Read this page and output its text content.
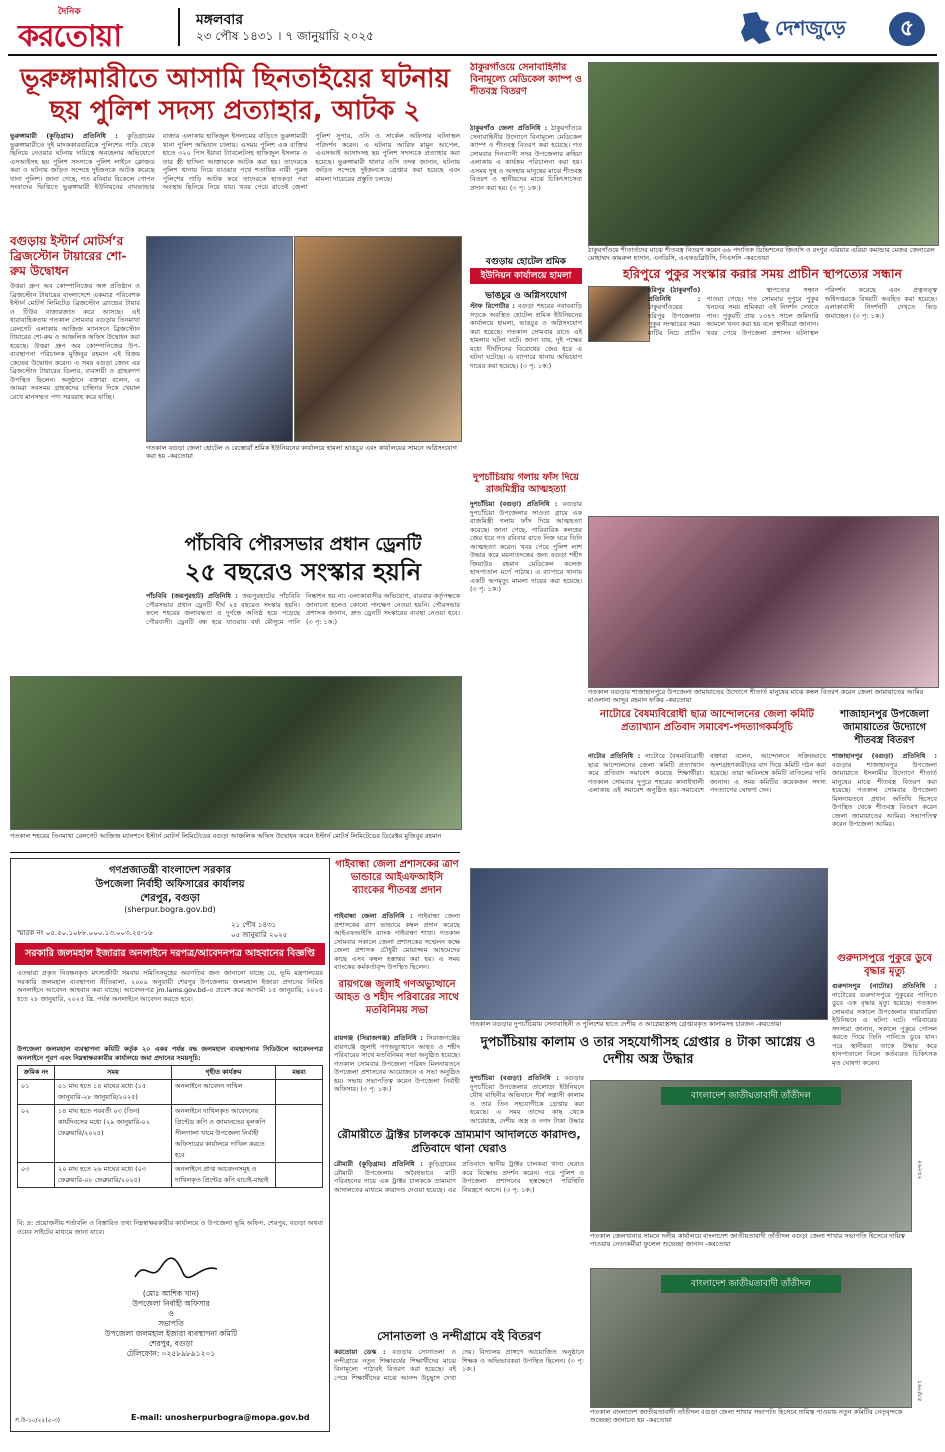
দৈনিক
করতোয়া	মঙ্গলবার
২৩ পৌষ ১৪৩১ । ৭ জানুয়ারি ২০২৫	দেশজুড়ে	৫
ভূরুঙ্গামারীতে আসামি ছিনতাইয়ের ঘটনায়
ছয় পুলিশ সদস্য প্রত্যাহার, আটক ২
ভুরুঙ্গামারী (কুড়িগ্রাম) প্রতিনিধি : কুড়িগ্রামের ভুরুঙ্গামারীতে দুই মাদককারবারিকে পুলিশের গাড়ি থেকে ছিনিয়ে নেওয়ার ঘটনায় দায়িত্বে অবহেলার অভিযোগে এসআইসহ ছয় পুলিশ সদস্যকে পুলিশ লাইনে ক্লোজড করা ও ঘটনায় জড়িত সন্দেহে দুইজনকে আটক করেছে থানা পুলিশ। জানা গেছে, গত রবিবার বিকেলে গোপন সংবাদের ভিত্তিতে ভুরুঙ্গামারী ইউনিয়নের বাঘভান্ডার বাজার এলাকায় হাফিজুল ইসলামের বাড়িতে ভুরুঙ্গামারী থানা পুলিশ অভিযান চালায়। এসময় পুলিশ এক ব্যক্তির হাতে ৩২০ পিস ইয়াবা ট্যাবলেটসহ হাফিজুল ইসলাম ও তার স্ত্রী হাসিনা আক্তারকে আটক করা হয়। তাদেরকে পুলিশ থানায় নিয়ে যাওয়ার পথে শতাধিক নারী পুরুষ পুলিশের গাড়ি আটক করে তাদেরকে হাতকড়া পরা অবস্থায় ছিনিয়ে নিয়ে যায়। খবর পেয়ে রাতেই জেলা পুলিশ সুপার, ওসি ও সার্কেল অফিসার ঘটনাস্থল পরিদর্শন করেন। এ ঘটনায় আরিফ মামুন আপেল, এএসআই আসাদসহ ছয় পুলিশ সদস্যকে প্রত্যাহার করা হয়েছে। ভুরুঙ্গামারী থানার ওসি তদন্ত জানান, ঘটনায় জড়িত সন্দেহে দুইজনকে গ্রেপ্তার করা হয়েছে এবং মামলা দায়েরের প্রস্তুতি চলছে।
বগুড়ায় ইস্টার্ন মোটর্স’র ব্রিজস্টোন টায়ারের শো-রুম উদ্বোধন
উত্তরা গ্রুপ অব কোম্পানিজের অঙ্গ প্রতিষ্ঠান ও ব্রিজস্টোন টায়ারের বাংলাদেশে একমাত্র পরিবেশক ইস্টার্ন মোটর্স লিমিটেড ব্রিজস্টোন ব্র্যান্ডের টায়ার ও টিউব বাজারজাত করে আসছে। এই ধারাবাহিকতায় গতকাল সোমবার বগুড়ায় তিনমাথা রেলগেট এলাকায় আজিজ ম্যানসনে ব্রিজস্টোন টায়ারের শো-রুম ও আঞ্চলিক অফিস উদ্বোধন করা হয়েছে। উত্তরা গ্রুপ অব কোম্পানিজের উপ-ব্যবস্থাপনা পরিচালক মুজিবুর রহমান এই বিক্রয় কেন্দ্রের উদ্বোধন করেন। এ সময় বগুড়া জোন এর ব্রিজস্টোন টায়ারের ডিলার, ব্যবসায়ী ও গ্রাহকগণ উপস্থিত ছিলেন। অনুষ্ঠানে বক্তারা বলেন, এ আমরা সবসময় গ্রাহকদের চাহিদার দিকে খেয়াল রেখে মানসম্মত পণ্য সরবরাহ করে যাচ্ছি।
গতকাল বগুড়া জেলা হোটেল ও রেস্তোরাঁ শ্রমিক ইউনিয়নের কার্যালয়ে হামলা ভাঙচুর এবং কার্যালয়ের সামনে অগ্নিসংযোগ করা হয় -করতোয়া
পাঁচবিবি পৌরসভার প্রধান ড্রেনটি
২৫ বছরেও সংস্কার হয়নি
পাঁচবিবি (জয়পুরহাট) প্রতিনিধি : জয়পুরহাটের পাঁচবিবি পৌরসভার প্রধান ড্রেনটি দীর্ঘ ২৫ বছরেও সংস্কার হয়নি। ফলে শহরের জলাবদ্ধতা ও দুর্গন্ধে অতিষ্ঠ হয়ে পড়েছে পৌরবাসী। ড্রেনটি বন্ধ হয়ে যাওয়ায় বর্ষা মৌসুমে পানি নিষ্কাশন হয় না। এলাকাবাসীর অভিযোগ, বারবার কর্তৃপক্ষকে জানানো হলেও কোনো পদক্ষেপ নেওয়া হয়নি। পৌরসভার প্রশাসক জানান, দ্রুত ড্রেনটি সংস্কারের ব্যবস্থা নেওয়া হবে। (৩ পৃ: ১ক:)
গতকাল শহরের তিনমাথা রেলগেট আজিজ ম্যানশনে ইস্টার্ন মোটর্স লিমিটেডের বগুড়া আঞ্চলিক অফিস উদ্বোধন করেন ইস্টার্ন মোটর্স লিমিটেডের ডিরেক্টর মুজিবুর রহমান
গণপ্রজাতন্ত্রী বাংলাদেশ সরকার
উপজেলা নির্বাহী অফিসারের কার্যালয়
শেরপুর, বগুড়া
(sherpur.bogra.gov.bd)
স্মারক নং ০৫.৫০.১০৮৮.০০০.১৩.০০৩.২৫-১৬
২১ পৌষ ১৪৩১
০৫ জানুয়ারি ২০২৫
সরকারি জলমহাল ইজারার অনলাইনে দরপত্র/আবেদনপত্র আহবানের বিজ্ঞপ্তি
এতদ্বারা প্রকৃত নিবন্ধনকৃত মৎস্যজীবী সমবায় সমিতিসমূহের অবগতির জন্য জানানো যাচ্ছে যে, ভূমি মন্ত্রণালয়ের সরকারি জলমহাল ব্যবস্থাপনা নীতিমালা, ২০০৯ অনুযায়ী শেরপুর উপজেলায় জলমহাল ইজারা প্রদানের নিমিত্ত অনলাইনে আবেদন আহবান করা যাচ্ছে। আবেদনপত্র jm.lams.gov.bd-এ প্রবেশ করে আগামী ১৫ জানুয়ারি, ২০২৫ হতে ২৮ জানুয়ারি, ২০২৫ খ্রি. পর্যন্ত অনলাইনে আবেদন করতে হবে।
উপজেলা জলমহাল ব্যবস্থাপনা কমিটি কর্তৃক ২০ একর পর্যন্ত বদ্ধ জলমহাল ব্যবস্থাপনার সিডিউলে আবেদনপত্র অনলাইনে পূরণ এবং নিম্নস্বাক্ষরকারীর কার্যালয়ে জমা প্রদানের সময়সূচি:
ক্রমিক নং	সময়	গৃহীত কার্যক্রম	মন্তব্য
০১	০১ মাঘ হতে ১৪ মাঘের মধ্যে (১৫ জানুয়ারি-২৮ জানুয়ারি/২০২৫)	অনলাইনে আবেদন দাখিল	
০২	১৪ মাঘ হতে পরবর্তী ০৩ (তিন) কার্যদিবসের মধ্যে (২৯ জানুয়ারি-০২ ফেব্রুয়ারি/২০২৫)	অনলাইনে দাখিলকৃত আবেদনের প্রিন্টেড কপি ও জামানতের মূলকপি সীলগালা খামে উপজেলা নির্বাহী অফিসারের কার্যালয়ে দাখিল করতে হবে	
০৩	২০ মাঘ হতে ২৬ মাঘের মধ্যে (০৩ ফেব্রুয়ারি-০৮ ফেব্রুয়ারি/২০২৫)	অনলাইনে প্রাপ্ত আবেদনসমূহ ও দাখিলকৃত প্রিন্টেড কপি যাচাই-বাছাই	
বি: দ্র: প্রয়োজনীয় শর্তাবলি ও বিস্তারিত তথ্য নিম্নস্বাক্ষরকারীর কার্যালয়ে ও উপজেলা ভূমি অফিস, শেরপুর, বগুড়া অথবা ওয়েব সাইটের মাধ্যমে জানা যাবে।
(মোঃ আশিক খান)
উপজেলা নির্বাহী অফিসার
ও
সভাপতি
উপজেলা জলমহাল ইজারা ব্যবস্থাপনা কমিটি
শেরপুর, বগুড়া
টেলিফোন: ০২৫৮৯৮৯১২০১
স.উ-১০/২৫(৫-৩)	E-mail: unosherpurbogra@mopa.gov.bd
গাইবান্ধা জেলা প্রশাসকের ত্রাণ ভান্ডারে আইএফআইসি ব্যাংকের শীতবস্ত্র প্রদান
গাইবান্ধা জেলা প্রতিনিধি : গাইবান্ধা জেলা প্রশাসকের ত্রাণ ভান্ডারে কম্বল প্রদান করেছে আইএফআইসি ব্যাংক গাইবান্ধা শাখা। গতকাল সোমবার সকালে জেলা প্রশাসকের সম্মেলন কক্ষে জেলা প্রশাসক চৌধুরী মোয়াজ্জম আহমেদের কাছে এসব কম্বল হস্তান্তর করা হয়। এ সময় ব্যাংকের কর্মকর্তাবৃন্দ উপস্থিত ছিলেন।
রায়গঞ্জে জুলাই গণঅভ্যুত্থানে আহত ও শহীদ পরিবারের সাথে মতবিনিময় সভা
রায়গঞ্জ (সিরাজগঞ্জ) প্রতিনিধি : সিরাজগঞ্জের রায়গঞ্জে জুলাই গণঅভ্যুত্থানে আহত ও শহীদ পরিবারের সাথে মতবিনিময় সভা অনুষ্ঠিত হয়েছে। গতকাল সোমবার উপজেলা পরিষদ মিলনায়তনে উপজেলা প্রশাসনের আয়োজনে এ সভা অনুষ্ঠিত হয়। সভায় সভাপতিত্ব করেন উপজেলা নির্বাহী অফিসার। (৩ পৃ: ১ক:)
ঠাকুরগাঁওয়ে সেনাবাহিনীর বিনামূল্যে মেডিকেল ক্যাম্প ও শীতবস্ত্র বিতরণ
ঠাকুরগাঁও জেলা প্রতিনিধি : ঠাকুরগাঁওয়ে সেনাবাহিনীর উদ্যোগে বিনামূল্যে মেডিকেল ক্যাম্প ও শীতবস্ত্র বিতরণ করা হয়েছে। গত সোমবার দিনব্যাপী সদর উপজেলার রুহিয়া এলাকায় এ কার্যক্রম পরিচালনা করা হয়। এসময় দুস্থ ও অসহায় মানুষের মাঝে শীতবস্ত্র বিতরণ ও স্থানীয়দের মাঝে চিকিৎসাসেবা প্রদান করা হয়। (৩ পৃ: ১ক:)
ঠাকুরগাঁওয়ে শীতার্তদের মাঝে শীতবস্ত্র বিতরণ করেন ৬৬ পদাতিক ডিভিশনের জিওসি ও রংপুর এরিয়ার এরিয়া কমান্ডার মেজর জেনারেল মোহাম্মদ কামরুল হাসান, এনডিসি, এএফডব্লিউসি, পিএসসি -করতোয়া
বগুড়ায় হোটেল শ্রমিক
ইউনিয়ন কার্যালয়ে হামলা
ভাঙচুর ও অগ্নিসংযোগ
স্টাফ রিপোর্টার : বগুড়া শহরের নবাববাড়ি সড়কে অবস্থিত হোটেল শ্রমিক ইউনিয়নের কার্যালয়ে হামলা, ভাঙচুর ও অগ্নিসংযোগ করা হয়েছে। গতকাল সোমবার রাতে এই হামলার ঘটনা ঘটে। জানা যায়, দুই পক্ষের মধ্যে দীর্ঘদিনের বিরোধের জের ধরে এ ঘটনা ঘটেছে। এ ব্যাপারে থানায় অভিযোগ দায়ের করা হয়েছে। (৩ পৃ: ১ক:)
দুপচাঁচিয়ায় গলায় ফাঁস দিয়ে রাজমিস্ত্রীর আত্মহত্যা
দুপচাঁচিয়া (বগুড়া) প্রতিনিধি : বগুড়ার দুপচাঁচিয়া উপজেলার সাওতা গ্রামে এক রাজমিস্ত্রী গলায় ফাঁস দিয়ে আত্মহত্যা করেছে। জানা গেছে, পারিবারিক কলহের জের ধরে গত রবিবার রাতে নিজ ঘরে তিনি আত্মহত্যা করেন। খবর পেয়ে পুলিশ লাশ উদ্ধার করে ময়নাতদন্তের জন্য বগুড়া শহীদ জিয়াউর রহমান মেডিকেল কলেজ হাসপাতাল মর্গে পাঠায়। এ ব্যাপারে থানায় একটি অপমৃত্যু মামলা দায়ের করা হয়েছে। (৩ পৃ: ১ক:)
হরিপুরে পুকুর সংস্কার করার সময় প্রাচীন স্থাপত্যের সন্ধান
হরিপুর (ঠাকুরগাঁও) প্রতিনিধি : ঠাকুরগাঁওয়ের হরিপুর উপজেলায় পুকুর সংস্কারের সময় মাটির নিচে প্রাচীন স্থাপত্যের সন্ধান পাওয়া গেছে। গত সোমবার দুপুরে পুকুর খননের সময় শ্রমিকরা এই নিদর্শন দেখতে পান। পুকুরটি প্রায় ১৩৪৭ সালে জমিদারি আমলে খনন করা হয় বলে স্থানীয়রা জানান। খবর পেয়ে উপজেলা প্রশাসন ঘটনাস্থল পরিদর্শন করেছে এবং প্রত্নতত্ত্ব অধিদপ্তরকে বিষয়টি অবহিত করা হয়েছে। এলাকাবাসী নিদর্শনটি দেখতে ভিড় জমাচ্ছেন। (৩ পৃ: ১ক:)
গতকাল বগুড়ার শাজাহানপুরে উপজেলা জামায়াতের উদ্যোগে শীতার্ত মানুষের মাঝে কম্বল বিতরণ করেন জেলা জামায়াতের আমির মাওলানা আব্দুর রহমান ফকির -করতোয়া
নাটোরে বৈষম্যবিরোধী ছাত্র আন্দোলনের জেলা কমিটি প্রত্যাখ্যান প্রতিবাদ সমাবেশ-পদত্যাগকর্মসূচি
নাটোর প্রতিনিধি : নাটোরে বৈষম্যবিরোধী ছাত্র আন্দোলনের জেলা কমিটি প্রত্যাখ্যান করে প্রতিবাদ সমাবেশ করেছে শিক্ষার্থীরা। গতকাল সোমবার দুপুরে শহরের কানাইখালী এলাকায় এই সমাবেশ অনুষ্ঠিত হয়। সমাবেশে বক্তারা বলেন, আন্দোলনে সক্রিয়ভাবে অংশগ্রহণকারীদের বাদ দিয়ে কমিটি গঠন করা হয়েছে। তারা অবিলম্বে কমিটি বাতিলের দাবি জানান। এ সময় কমিটির কয়েকজন সদস্য পদত্যাগের ঘোষণা দেন।
শাজাহানপুর উপজেলা জামায়াতের উদ্যোগে শীতবস্ত্র বিতরণ
শাজাহানপুর (বগুড়া) প্রতিনিধি : বগুড়ার শাজাহানপুর উপজেলা জামায়াতে ইসলামীর উদ্যোগে শীতার্ত মানুষের মাঝে শীতবস্ত্র বিতরণ করা হয়েছে। গতকাল সোমবার উপজেলা মিলনায়তনে প্রধান অতিথি হিসেবে উপস্থিত থেকে শীতবস্ত্র বিতরণ করেন জেলা জামায়াতের আমির। সভাপতিত্ব করেন উপজেলা আমির।
গুরুদাসপুরে পুকুরে ডুবে বৃদ্ধার মৃত্যু
গুরুদাসপুর (নাটোর) প্রতিনিধি : নাটোরের গুরুদাসপুরে পুকুরের পানিতে ডুবে এক বৃদ্ধার মৃত্যু হয়েছে। গতকাল সোমবার সকালে উপজেলার ধারাবারিষা ইউনিয়নে এ ঘটনা ঘটে। পরিবারের সদস্যরা জানান, সকালে পুকুরে গোসল করতে গিয়ে তিনি পানিতে ডুবে যান। পরে স্থানীয়রা তাকে উদ্ধার করে হাসপাতালে নিলে কর্তব্যরত চিকিৎসক মৃত ঘোষণা করেন।
গতকাল বগুড়ার দুপচাঁচিয়ায় সেনাবাহিনী ও পুলিশের হাতে দেশীয় ও আগ্নেয়াস্ত্রসহ গ্রেপ্তারকৃত কালামসহ চারজন -করতোয়া
দুপচাঁচিয়ায় কালাম ও তার সহযোগীসহ গ্রেপ্তার ৪ টাকা আগ্নেয় ও দেশীয় অস্ত্র উদ্ধার
রৌমারীতে ট্রাক্টর চালককে ভ্রাম্যমাণ আদালতে কারাদণ্ড, প্রতিবাদে থানা ঘেরাও
রৌমারী (কুড়িগ্রাম) প্রতিনিধি : কুড়িগ্রামের রৌমারী উপজেলায় অবৈধভাবে মাটি পরিবহনের দায়ে এক ট্রাক্টর চালককে ভ্রাম্যমাণ আদালতের মাধ্যমে কারাদণ্ড দেওয়া হয়েছে। এর প্রতিবাদে স্থানীয় ট্রাক্টর চালকরা থানা ঘেরাও করে বিক্ষোভ প্রদর্শন করেন। পরে পুলিশ ও উপজেলা প্রশাসনের হস্তক্ষেপে পরিস্থিতি নিয়ন্ত্রণে আসে। (৩ পৃ: ১ক:)
সোনাতলা ও নন্দীগ্রামে বই বিতরণ
করতোয়া ডেস্ক : বগুড়ার সোনাতলা ও নন্দীগ্রামে নতুন শিক্ষাবর্ষের শিক্ষার্থীদের মাঝে বিনামূল্যে পাঠ্যবই বিতরণ করা হয়েছে। বই পেয়ে শিক্ষার্থীদের মাঝে আনন্দ উচ্ছ্বাস দেখা দেয়। বিদ্যালয় প্রাঙ্গণে আয়োজিত অনুষ্ঠানে শিক্ষক ও অভিভাবকরা উপস্থিত ছিলেন। (৩ পৃ: ১ক:)
বাংলাদেশ জাতীয়তাবাদী তাঁতীদল
গতকাল জেলখানার সামনে দলীয় কার্যালয়ে বাংলাদেশ জাতীয়তাবাদী তাঁতীদল বগুড়া জেলা শাখার সভাপতি হিসেবে দায়িত্ব পাওয়ায় নেতাকর্মীরা ফুলেল শুভেচ্ছা জানান -করতোয়া
বাংলাদেশ জাতীয়তাবাদী তাঁতীদল
গতকাল বাংলাদেশ জাতীয়তাবাদী তাঁতীদল বগুড়া জেলা শাখার সভাপতি হিসেবে দায়িত্ব পাওয়ায় নতুন কমিটির নেতৃবৃন্দকে শুভেচ্ছা জানানো হয় -করতোয়া
২৬২৪২
১৬০/৮৫
দুপচাঁচিয়া (বগুড়া) প্রতিনিধি : বগুড়ার দুপচাঁচিয়া উপজেলার তালোড়া ইউনিয়নে যৌথ বাহিনীর অভিযানে শীর্ষ সন্ত্রাসী কালাম ও তার তিন সহযোগীকে গ্রেপ্তার করা হয়েছে। এ সময় তাদের কাছ থেকে আগ্নেয়াস্ত্র, দেশীয় অস্ত্র ও নগদ টাকা উদ্ধার
